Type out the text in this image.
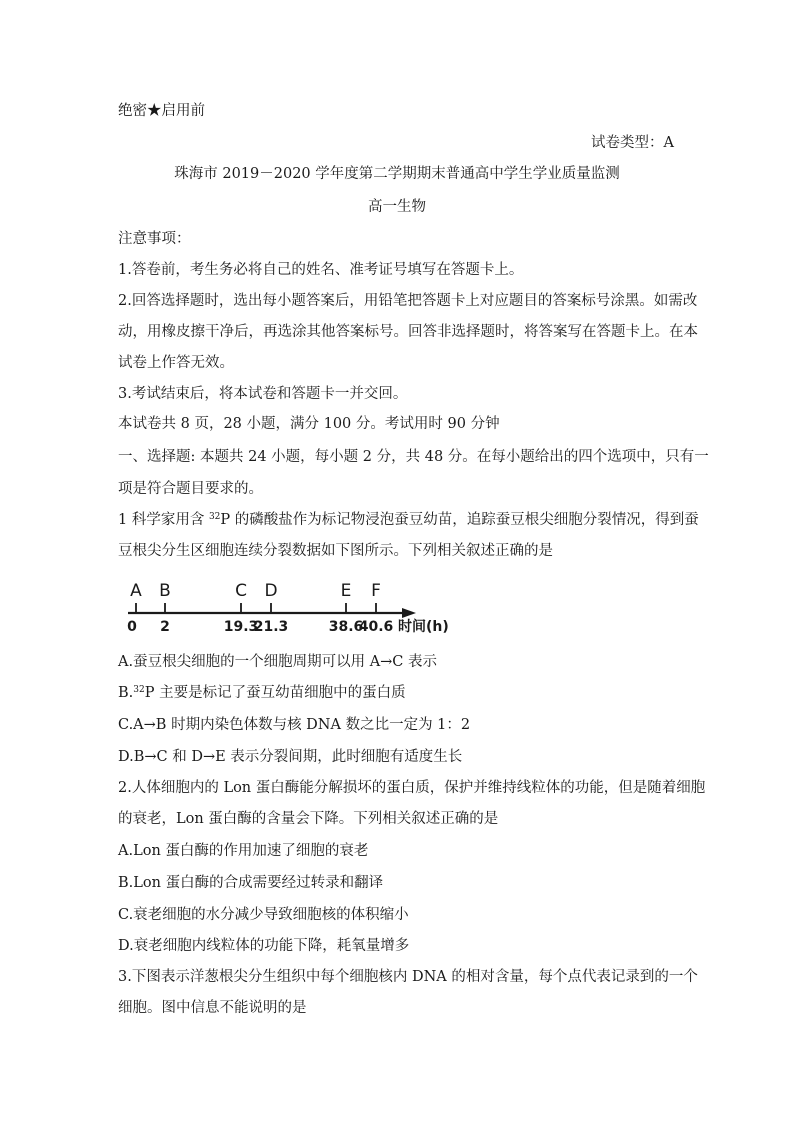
绝密★启用前
试卷类型：A
珠海市 2019－2020 学年度第二学期期末普通高中学生学业质量监测
高一生物
注意事项：
1.答卷前，考生务必将自己的姓名、准考证号填写在答题卡上。
2.回答选择题时，选出每小题答案后，用铅笔把答题卡上对应题目的答案标号涂黑。如需改
动，用橡皮擦干净后，再选涂其他答案标号。回答非选择题时，将答案写在答题卡上。在本
试卷上作答无效。
3.考试结束后，将本试卷和答题卡一并交回。
本试卷共 8 页，28 小题，满分 100 分。考试用时 90 分钟
一、选择题: 本题共 24 小题，每小题 2 分，共 48 分。在每小题给出的四个选项中，只有一
项是符合题目要求的。
1 科学家用含 $^{32}$P 的磷酸盐作为标记物浸泡蚕豆幼苗，追踪蚕豆根尖细胞分裂情况，得到蚕
豆根尖分生区细胞连续分裂数据如下图所示。下列相关叙述正确的是
A
0
B
2
C
19.3
D
21.3
E
38.6
F
40.6 时间(h)
A.蚕豆根尖细胞的一个细胞周期可以用 A→C 表示
B.$^{32}$P 主要是标记了蚕互幼苗细胞中的蛋白质
C.A→B 时期内染色体数与核 DNA 数之比一定为 1：2
D.B→C 和 D→E 表示分裂间期，此时细胞有适度生长
2.人体细胞内的 Lon 蛋白酶能分解损坏的蛋白质，保护并维持线粒体的功能，但是随着细胞
的衰老，Lon 蛋白酶的含量会下降。下列相关叙述正确的是
A.Lon 蛋白酶的作用加速了细胞的衰老
B.Lon 蛋白酶的合成需要经过转录和翻译
C.衰老细胞的水分减少导致细胞核的体积缩小
D.衰老细胞内线粒体的功能下降，耗氧量增多
3.下图表示洋葱根尖分生组织中每个细胞核内 DNA 的相对含量，每个点代表记录到的一个
细胞。图中信息不能说明的是
